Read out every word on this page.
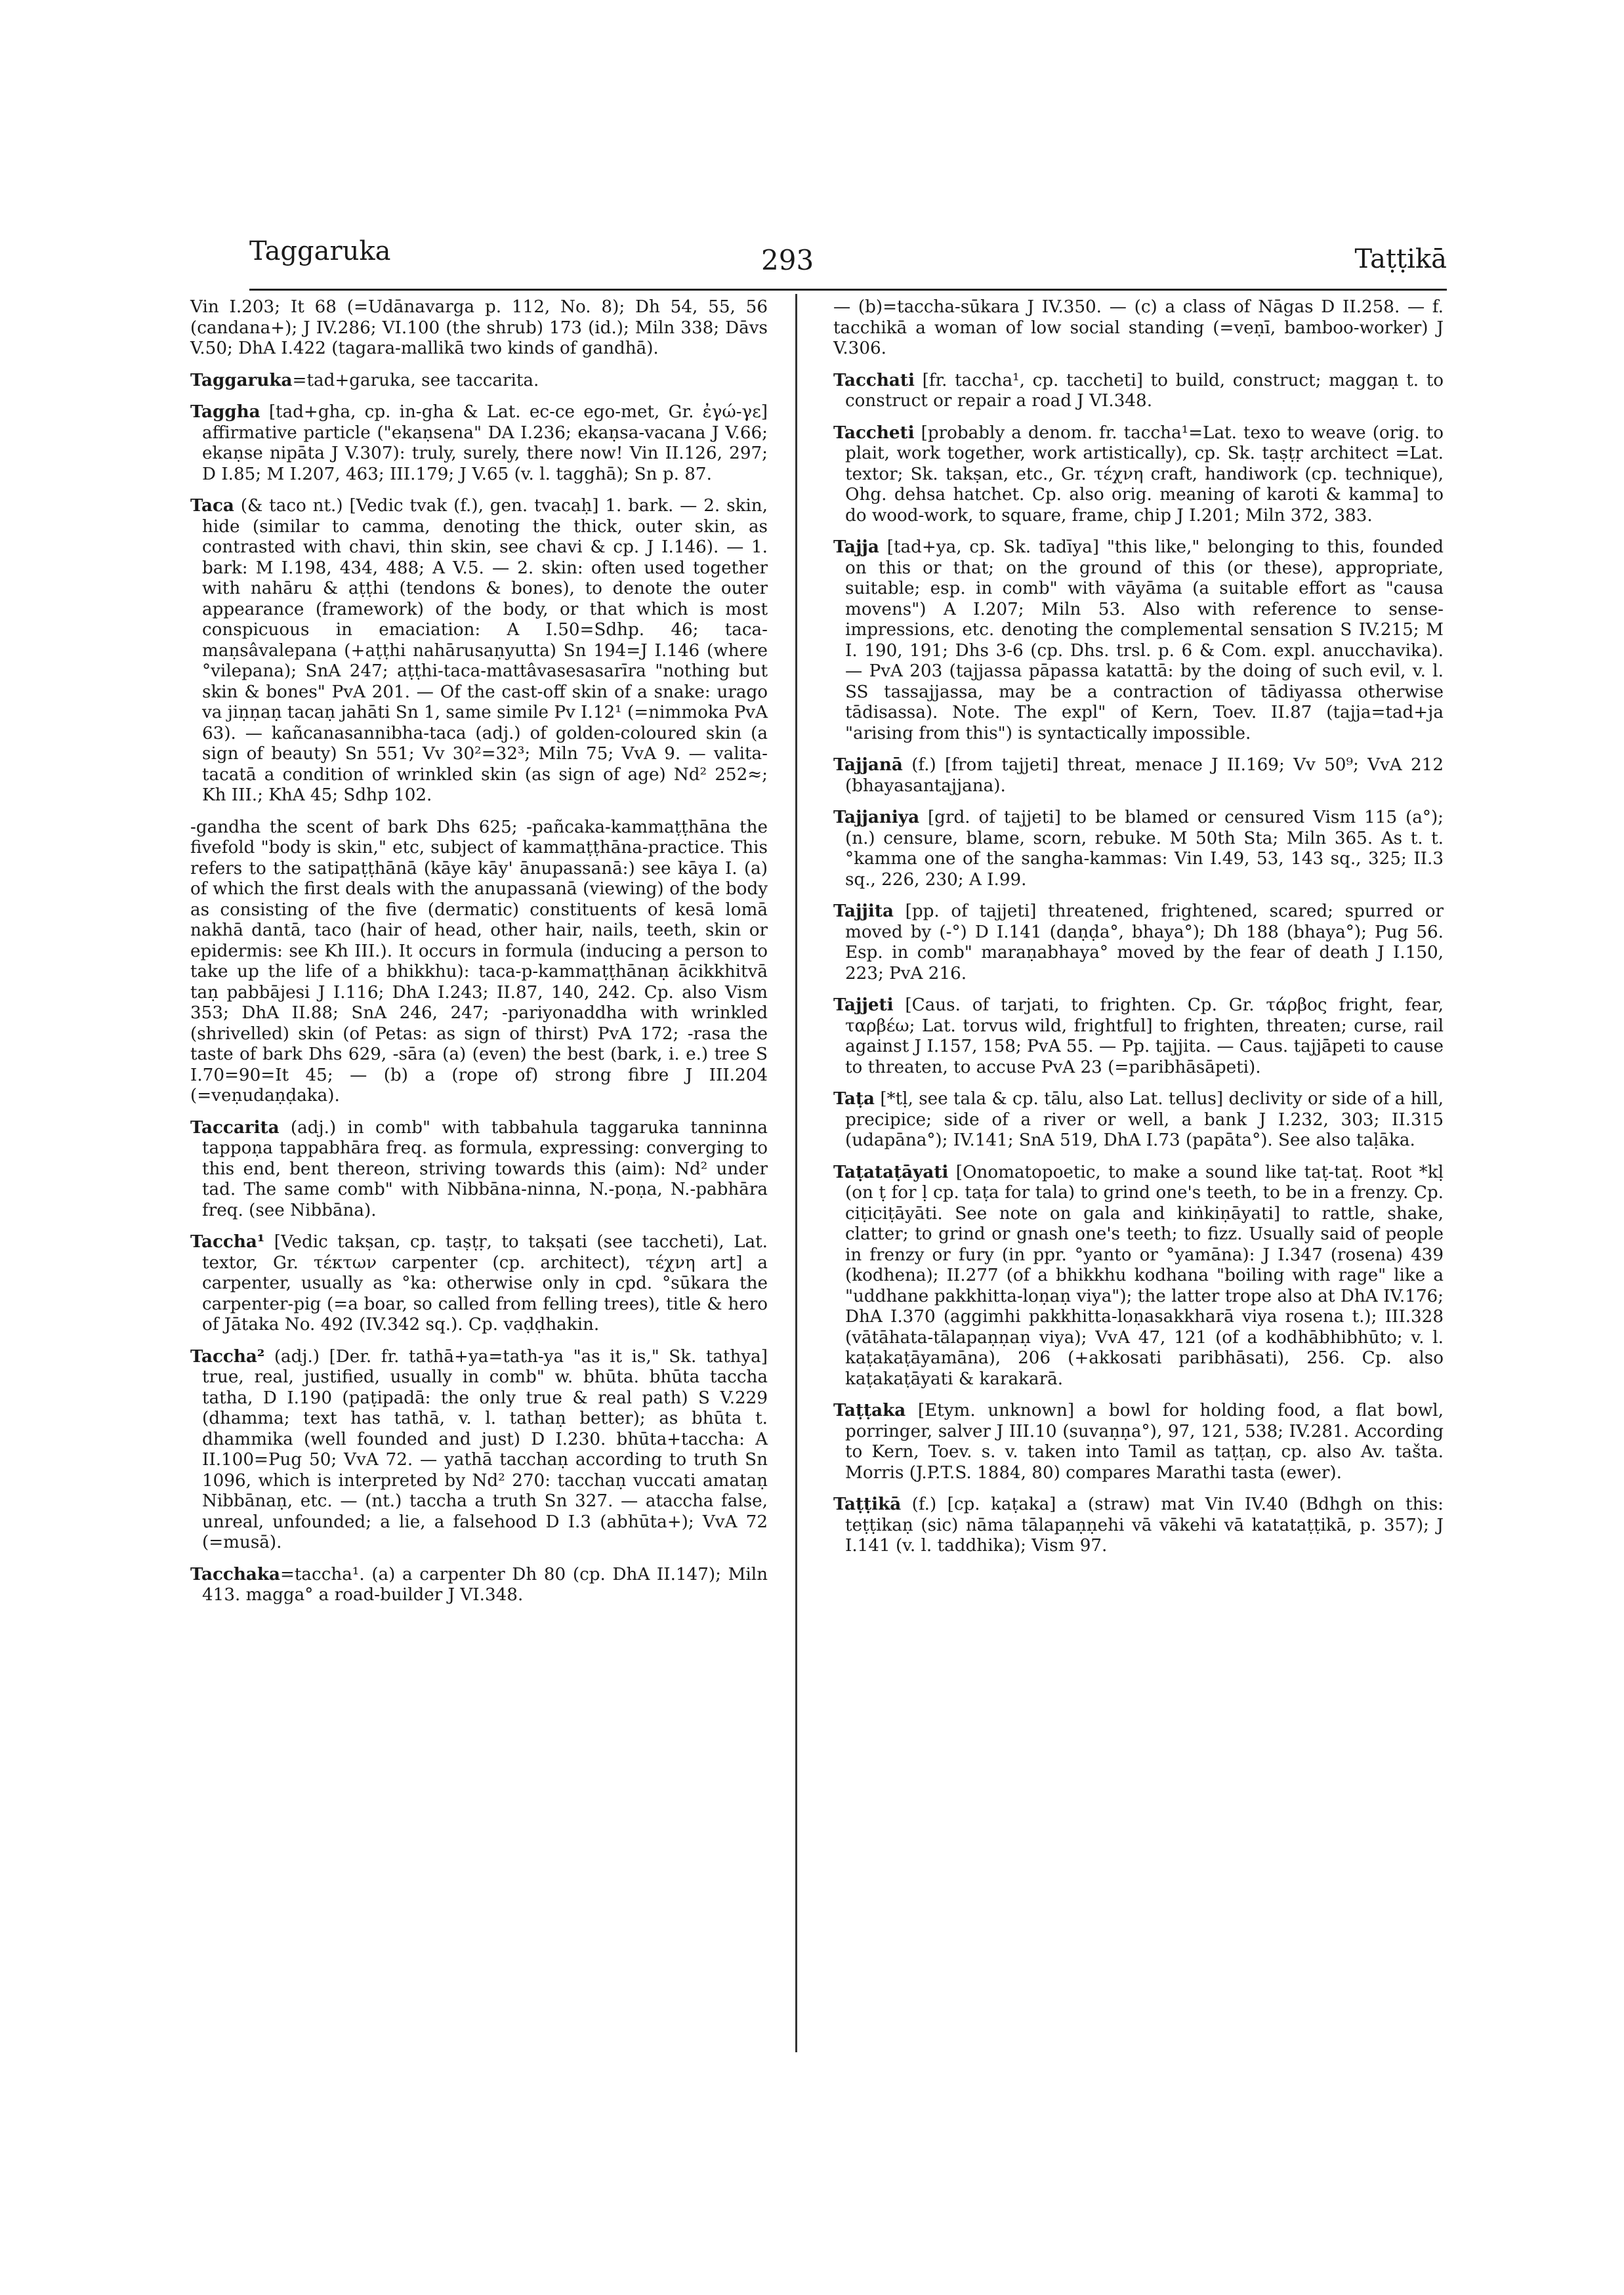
Taggaruka	293	Taṭṭikā

Vin I.203; It 68 (=Udānavarga p. 112, No. 8); Dh 54, 55, 56 (candana+); J IV.286; VI.100 (the shrub) 173 (id.); Miln 338; Dāvs V.50; DhA I.422 (tagara-mallikā two kinds of gandhā).

Taggaruka=tad+garuka, see taccarita.

Taggha [tad+gha, cp. in-gha & Lat. ec-ce ego-met, Gr. ἐγώ-γε] affirmative particle ("ekaṇsena" DA I.236; ekaṇsa-vacana J V.66; ekaṇse nipāta J V.307): truly, surely, there now! Vin II.126, 297; D I.85; M I.207, 463; III.179; J V.65 (v. l. tagghā); Sn p. 87.

Taca (& taco nt.) [Vedic tvak (f.), gen. tvacaḥ] 1. bark. — 2. skin, hide (similar to camma, denoting the thick, outer skin, as contrasted with chavi, thin skin, see chavi & cp. J I.146). — 1. bark: M I.198, 434, 488; A V.5. — 2. skin: often used together with nahāru & aṭṭhi (tendons & bones), to denote the outer appearance (framework) of the body, or that which is most conspicuous in emaciation: A I.50=Sdhp. 46; taca-maṇsâvalepana (+aṭṭhi nahārusaṇyutta) Sn 194=J I.146 (where °vilepana); SnA 247; aṭṭhi-taca-mattâvasesasarīra "nothing but skin & bones" PvA 201. — Of the cast-off skin of a snake: urago va jiṇṇaṇ tacaṇ jahāti Sn 1, same simile Pv I.12¹ (=nimmoka PvA 63). — kañcanasannibha-taca (adj.) of golden-coloured skin (a sign of beauty) Sn 551; Vv 30²=32³; Miln 75; VvA 9. — valita-tacatā a condition of wrinkled skin (as sign of age) Nd² 252≈; Kh III.; KhA 45; Sdhp 102.

-gandha the scent of bark Dhs 625; -pañcaka-kammaṭṭhāna the fivefold "body is skin," etc, subject of kammaṭṭhāna-practice. This refers to the satipaṭṭhānā (kāye kāy' ānupassanā:) see kāya I. (a) of which the first deals with the anupassanā (viewing) of the body as consisting of the five (dermatic) constituents of kesā lomā nakhā dantā, taco (hair of head, other hair, nails, teeth, skin or epidermis: see Kh III.). It occurs in formula (inducing a person to take up the life of a bhikkhu): taca-p-kammaṭṭhānaṇ ācikkhitvā taṇ pabbājesi J I.116; DhA I.243; II.87, 140, 242. Cp. also Vism 353; DhA II.88; SnA 246, 247; -pariyonaddha with wrinkled (shrivelled) skin (of Petas: as sign of thirst) PvA 172; -rasa the taste of bark Dhs 629, -sāra (a) (even) the best (bark, i. e.) tree S I.70=90=It 45; — (b) a (rope of) strong fibre J III.204 (=veṇudaṇḍaka).

Taccarita (adj.) in comb" with tabbahula taggaruka tanninna tappoṇa tappabhāra freq. as formula, expressing: converging to this end, bent thereon, striving towards this (aim): Nd² under tad. The same comb" with Nibbāna-ninna, N.-poṇa, N.-pabhāra freq. (see Nibbāna).

Taccha¹ [Vedic takṣan, cp. taṣṭṛ, to takṣati (see taccheti), Lat. textor, Gr. τέκτων carpenter (cp. architect), τέχνη art] a carpenter, usually as °ka: otherwise only in cpd. °sūkara the carpenter-pig (=a boar, so called from felling trees), title & hero of Jātaka No. 492 (IV.342 sq.). Cp. vaḍḍhakin.

Taccha² (adj.) [Der. fr. tathā+ya=tath-ya "as it is," Sk. tathya] true, real, justified, usually in comb" w. bhūta. bhūta taccha tatha, D I.190 (paṭipadā: the only true & real path) S V.229 (dhamma; text has tathā, v. l. tathaṇ better); as bhūta t. dhammika (well founded and just) D I.230. bhūta+taccha: A II.100=Pug 50; VvA 72. — yathā tacchaṇ according to truth Sn 1096, which is interpreted by Nd² 270: tacchaṇ vuccati amataṇ Nibbānaṇ, etc. — (nt.) taccha a truth Sn 327. — ataccha false, unreal, unfounded; a lie, a falsehood D I.3 (abhūta+); VvA 72 (=musā).

Tacchaka=taccha¹. (a) a carpenter Dh 80 (cp. DhA II.147); Miln 413. magga° a road-builder J VI.348.

— (b)=taccha-sūkara J IV.350. — (c) a class of Nāgas D II.258. — f. tacchikā a woman of low social standing (=veṇī, bamboo-worker) J V.306.

Tacchati [fr. taccha¹, cp. taccheti] to build, construct; maggaṇ t. to construct or repair a road J VI.348.

Taccheti [probably a denom. fr. taccha¹=Lat. texo to weave (orig. to plait, work together, work artistically), cp. Sk. taṣṭṛ architect =Lat. textor; Sk. takṣan, etc., Gr. τέχνη craft, handiwork (cp. technique), Ohg. dehsa hatchet. Cp. also orig. meaning of karoti & kamma] to do wood-work, to square, frame, chip J I.201; Miln 372, 383.

Tajja [tad+ya, cp. Sk. tadīya] "this like," belonging to this, founded on this or that; on the ground of this (or these), appropriate, suitable; esp. in comb" with vāyāma (a suitable effort as "causa movens") A I.207; Miln 53. Also with reference to sense-impressions, etc. denoting the complemental sensation S IV.215; M I. 190, 191; Dhs 3-6 (cp. Dhs. trsl. p. 6 & Com. expl. anucchavika). — PvA 203 (tajjassa pāpassa katattā: by the doing of such evil, v. l. SS tassajjassa, may be a contraction of tādiyassa otherwise tādisassa). Note. The expl" of Kern, Toev. II.87 (tajja=tad+ja "arising from this") is syntactically impossible.

Tajjanā (f.) [from tajjeti] threat, menace J II.169; Vv 50⁹; VvA 212 (bhayasantajjana).

Tajjaniya [grd. of tajjeti] to be blamed or censured Vism 115 (a°); (n.) censure, blame, scorn, rebuke. M 50th Sta; Miln 365. As t. t. °kamma one of the sangha-kammas: Vin I.49, 53, 143 sq., 325; II.3 sq., 226, 230; A I.99.

Tajjita [pp. of tajjeti] threatened, frightened, scared; spurred or moved by (-°) D I.141 (daṇḍa°, bhaya°); Dh 188 (bhaya°); Pug 56. Esp. in comb" maraṇabhaya° moved by the fear of death J I.150, 223; PvA 216.

Tajjeti [Caus. of tarjati, to frighten. Cp. Gr. τάρβος fright, fear, ταρβέω; Lat. torvus wild, frightful] to frighten, threaten; curse, rail against J I.157, 158; PvA 55. — Pp. tajjita. — Caus. tajjāpeti to cause to threaten, to accuse PvA 23 (=paribhāsāpeti).

Taṭa [*tḷ, see tala & cp. tālu, also Lat. tellus] declivity or side of a hill, precipice; side of a river or well, a bank J I.232, 303; II.315 (udapāna°); IV.141; SnA 519, DhA I.73 (papāta°). See also taḷāka.

Taṭataṭāyati [Onomatopoetic, to make a sound like taṭ-taṭ. Root *kḷ (on ṭ for ḷ cp. taṭa for tala) to grind one's teeth, to be in a frenzy. Cp. ciṭiciṭāyāti. See note on gala and kiṅkiṇāyati] to rattle, shake, clatter; to grind or gnash one's teeth; to fizz. Usually said of people in frenzy or fury (in ppr. °yanto or °yamāna): J I.347 (rosena) 439 (kodhena); II.277 (of a bhikkhu kodhana "boiling with rage" like a "uddhane pakkhitta-loṇaṇ viya"); the latter trope also at DhA IV.176; DhA I.370 (aggimhi pakkhitta-loṇasakkharā viya rosena t.); III.328 (vātāhata-tālapaṇṇaṇ viya); VvA 47, 121 (of a kodhābhibhūto; v. l. kaṭakaṭāyamāna), 206 (+akkosati paribhāsati), 256. Cp. also kaṭakaṭāyati & karakarā.

Taṭṭaka [Etym. unknown] a bowl for holding food, a flat bowl, porringer, salver J III.10 (suvaṇṇa°), 97, 121, 538; IV.281. According to Kern, Toev. s. v. taken into Tamil as taṭṭaṇ, cp. also Av. tašta. Morris (J.P.T.S. 1884, 80) compares Marathi tasta (ewer).

Taṭṭikā (f.) [cp. kaṭaka] a (straw) mat Vin IV.40 (Bdhgh on this: teṭṭikaṇ (sic) nāma tālapaṇṇehi vā vākehi vā katataṭṭikā, p. 357); J I.141 (v. l. taddhika); Vism 97.
